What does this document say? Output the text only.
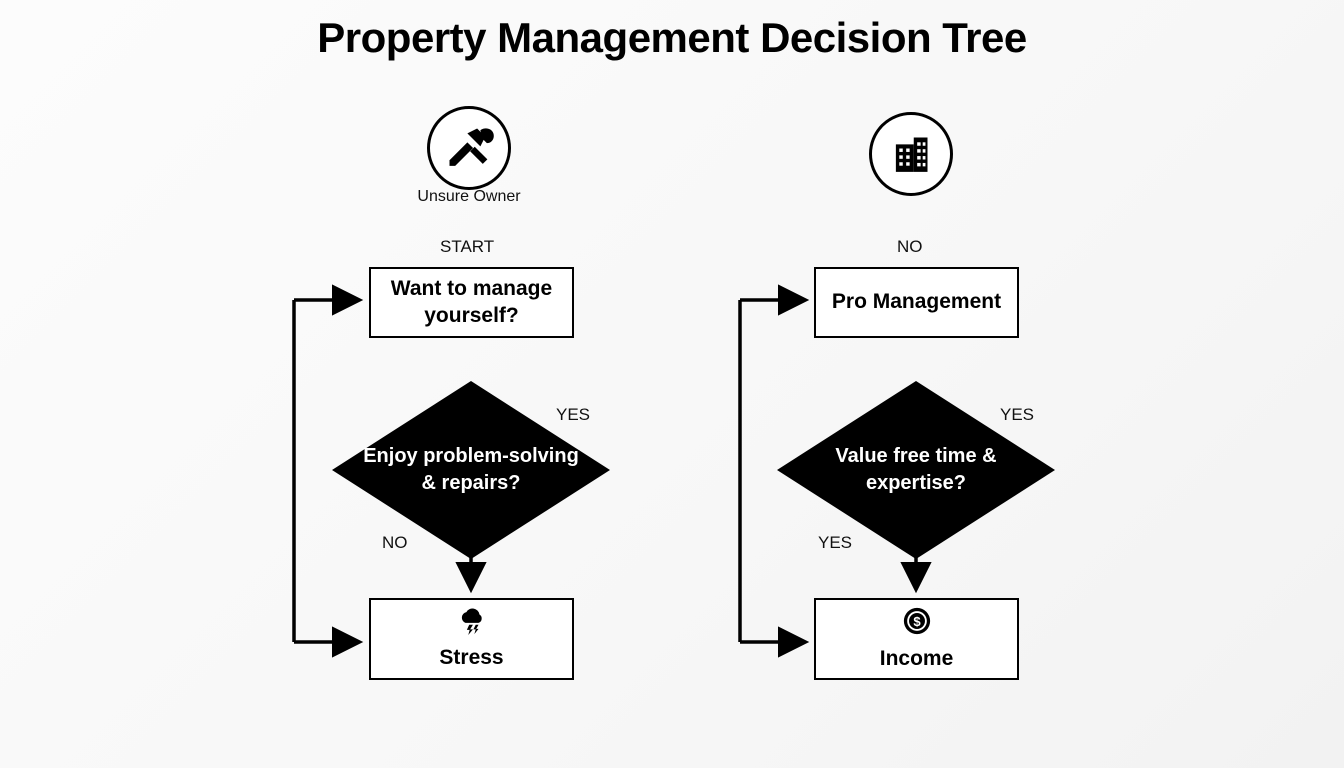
Property Management Decision Tree
Unsure Owner
START
Want to manage yourself?
Enjoy problem-solving & repairs?
YES
NO
Stress
NO
Pro Management
Value free time & expertise?
YES
YES
$
Income
